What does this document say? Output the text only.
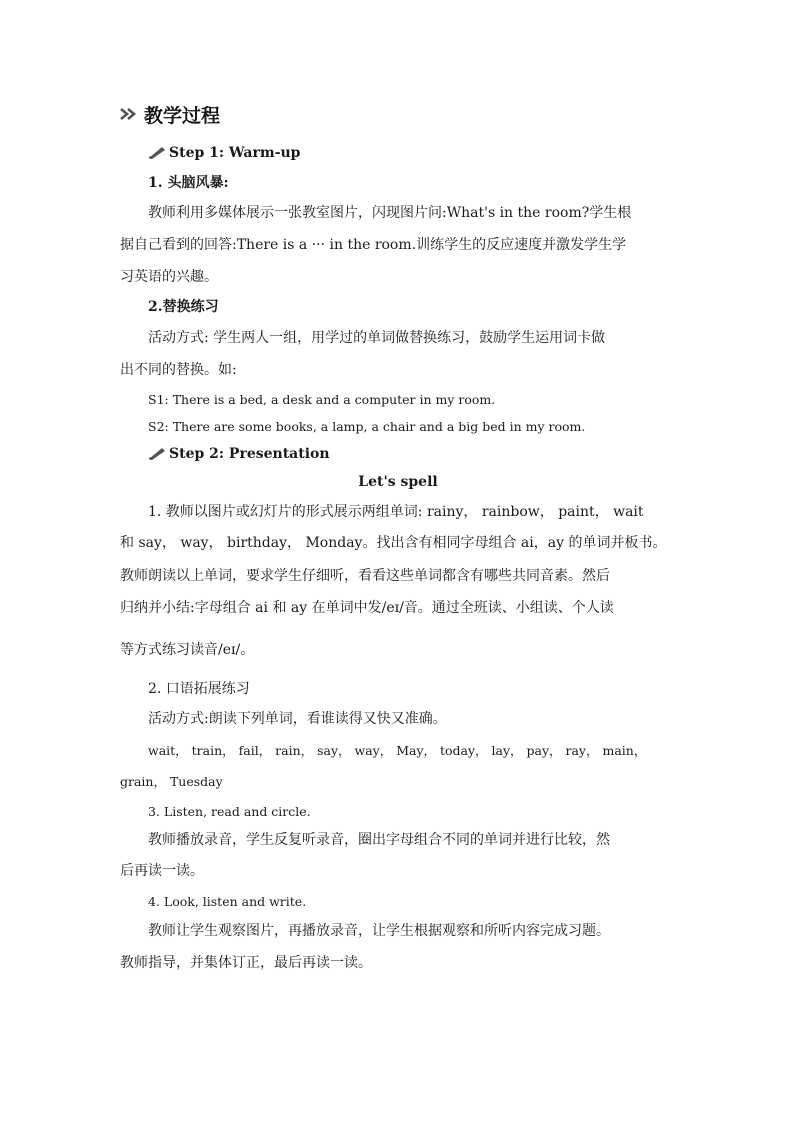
教学过程
Step 1: Warm-up
1. 头脑风暴:
教师利用多媒体展示一张教室图片，闪现图片问:What's in the room?学生根
据自己看到的回答:There is a ··· in the room.训练学生的反应速度并激发学生学
习英语的兴趣。
2.替换练习
活动方式: 学生两人一组，用学过的单词做替换练习，鼓励学生运用词卡做
出不同的替换。如:
S1: There is a bed, a desk and a computer in my room.
S2: There are some books, a lamp, a chair and a big bed in my room.
Step 2: Presentation
Let's spell
1. 教师以图片或幻灯片的形式展示两组单词: rainy， rainbow， paint， wait
和 say， way， birthday， Monday。找出含有相同字母组合 ai，ay 的单词并板书。
教师朗读以上单词，要求学生仔细听，看看这些单词都含有哪些共同音素。然后
归纳并小结:字母组合 ai 和 ay 在单词中发/eɪ/音。通过全班读、小组读、个人读
等方式练习读音/eɪ/。
2. 口语拓展练习
活动方式:朗读下列单词，看谁读得又快又准确。
wait， train， fail， rain， say， way， May， today， lay， pay， ray， main，
grain， Tuesday
3. Listen, read and circle.
教师播放录音，学生反复听录音，圈出字母组合不同的单词并进行比较，然
后再读一读。
4. Look, listen and write.
教师让学生观察图片，再播放录音，让学生根据观察和所听内容完成习题。
教师指导，并集体订正，最后再读一读。
